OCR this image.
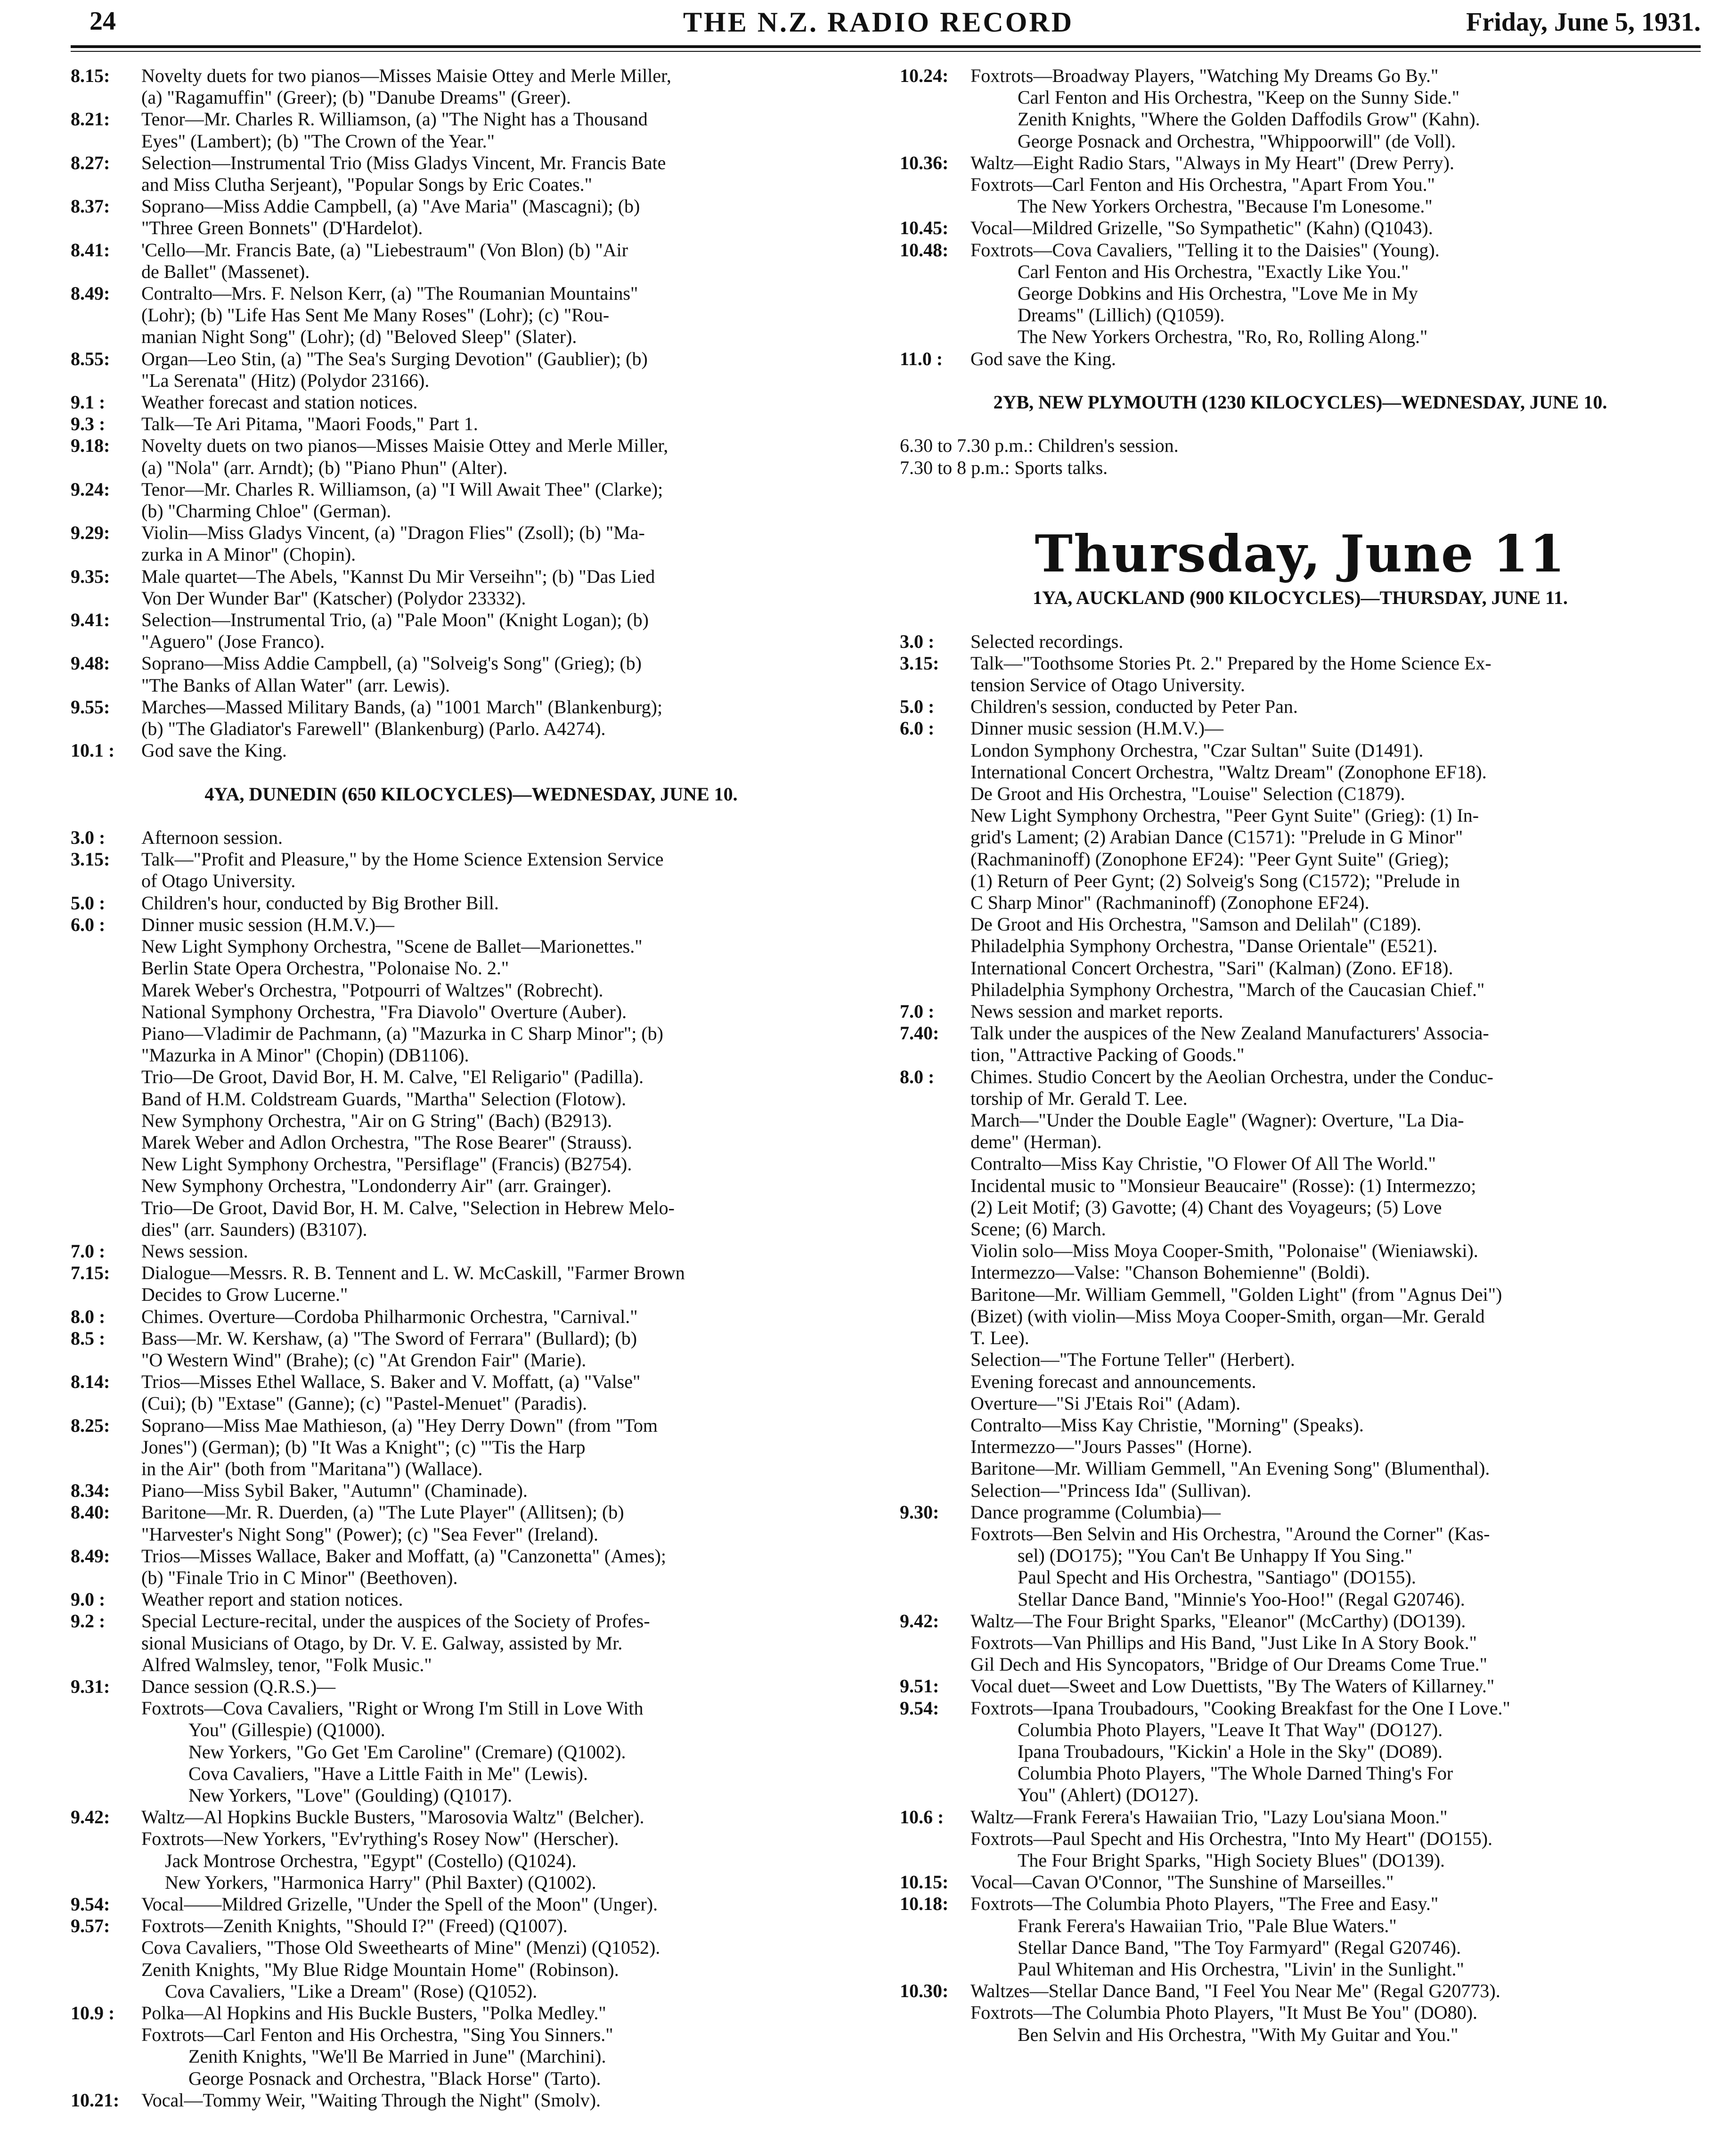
24	THE N.Z. RADIO RECORD	Friday, June 5, 1931.
8.15:	Novelty duets for two pianos—Misses Maisie Ottey and Merle Miller,
(a) "Ragamuffin" (Greer); (b) "Danube Dreams" (Greer).
8.21:	Tenor—Mr. Charles R. Williamson, (a) "The Night has a Thousand
Eyes" (Lambert); (b) "The Crown of the Year."
8.27:	Selection—Instrumental Trio (Miss Gladys Vincent, Mr. Francis Bate
and Miss Clutha Serjeant), "Popular Songs by Eric Coates."
8.37:	Soprano—Miss Addie Campbell, (a) "Ave Maria" (Mascagni); (b)
"Three Green Bonnets" (D'Hardelot).
8.41:	'Cello—Mr. Francis Bate, (a) "Liebestraum" (Von Blon) (b) "Air
de Ballet" (Massenet).
8.49:	Contralto—Mrs. F. Nelson Kerr, (a) "The Roumanian Mountains"
(Lohr); (b) "Life Has Sent Me Many Roses" (Lohr); (c) "Rou-
manian Night Song" (Lohr); (d) "Beloved Sleep" (Slater).
8.55:	Organ—Leo Stin, (a) "The Sea's Surging Devotion" (Gaublier); (b)
"La Serenata" (Hitz) (Polydor 23166).
9.1 :	Weather forecast and station notices.
9.3 :	Talk—Te Ari Pitama, "Maori Foods," Part 1.
9.18:	Novelty duets on two pianos—Misses Maisie Ottey and Merle Miller,
(a) "Nola" (arr. Arndt); (b) "Piano Phun" (Alter).
9.24:	Tenor—Mr. Charles R. Williamson, (a) "I Will Await Thee" (Clarke);
(b) "Charming Chloe" (German).
9.29:	Violin—Miss Gladys Vincent, (a) "Dragon Flies" (Zsoll); (b) "Ma-
zurka in A Minor" (Chopin).
9.35:	Male quartet—The Abels, "Kannst Du Mir Verseihn"; (b) "Das Lied
Von Der Wunder Bar" (Katscher) (Polydor 23332).
9.41:	Selection—Instrumental Trio, (a) "Pale Moon" (Knight Logan); (b)
"Aguero" (Jose Franco).
9.48:	Soprano—Miss Addie Campbell, (a) "Solveig's Song" (Grieg); (b)
"The Banks of Allan Water" (arr. Lewis).
9.55:	Marches—Massed Military Bands, (a) "1001 March" (Blankenburg);
(b) "The Gladiator's Farewell" (Blankenburg) (Parlo. A4274).
10.1 :	God save the King.
4YA, DUNEDIN (650 KILOCYCLES)—WEDNESDAY, JUNE 10.
3.0 :	Afternoon session.
3.15:	Talk—"Profit and Pleasure," by the Home Science Extension Service
of Otago University.
5.0 :	Children's hour, conducted by Big Brother Bill.
6.0 :	Dinner music session (H.M.V.)—
New Light Symphony Orchestra, "Scene de Ballet—Marionettes."
Berlin State Opera Orchestra, "Polonaise No. 2."
Marek Weber's Orchestra, "Potpourri of Waltzes" (Robrecht).
National Symphony Orchestra, "Fra Diavolo" Overture (Auber).
Piano—Vladimir de Pachmann, (a) "Mazurka in C Sharp Minor"; (b)
"Mazurka in A Minor" (Chopin) (DB1106).
Trio—De Groot, David Bor, H. M. Calve, "El Religario" (Padilla).
Band of H.M. Coldstream Guards, "Martha" Selection (Flotow).
New Symphony Orchestra, "Air on G String" (Bach) (B2913).
Marek Weber and Adlon Orchestra, "The Rose Bearer" (Strauss).
New Light Symphony Orchestra, "Persiflage" (Francis) (B2754).
New Symphony Orchestra, "Londonderry Air" (arr. Grainger).
Trio—De Groot, David Bor, H. M. Calve, "Selection in Hebrew Melo-
dies" (arr. Saunders) (B3107).
7.0 :	News session.
7.15:	Dialogue—Messrs. R. B. Tennent and L. W. McCaskill, "Farmer Brown
Decides to Grow Lucerne."
8.0 :	Chimes. Overture—Cordoba Philharmonic Orchestra, "Carnival."
8.5 :	Bass—Mr. W. Kershaw, (a) "The Sword of Ferrara" (Bullard); (b)
"O Western Wind" (Brahe); (c) "At Grendon Fair" (Marie).
8.14:	Trios—Misses Ethel Wallace, S. Baker and V. Moffatt, (a) "Valse"
(Cui); (b) "Extase" (Ganne); (c) "Pastel-Menuet" (Paradis).
8.25:	Soprano—Miss Mae Mathieson, (a) "Hey Derry Down" (from "Tom
Jones") (German); (b) "It Was a Knight"; (c) "'Tis the Harp
in the Air" (both from "Maritana") (Wallace).
8.34:	Piano—Miss Sybil Baker, "Autumn" (Chaminade).
8.40:	Baritone—Mr. R. Duerden, (a) "The Lute Player" (Allitsen); (b)
"Harvester's Night Song" (Power); (c) "Sea Fever" (Ireland).
8.49:	Trios—Misses Wallace, Baker and Moffatt, (a) "Canzonetta" (Ames);
(b) "Finale Trio in C Minor" (Beethoven).
9.0 :	Weather report and station notices.
9.2 :	Special Lecture-recital, under the auspices of the Society of Profes-
sional Musicians of Otago, by Dr. V. E. Galway, assisted by Mr.
Alfred Walmsley, tenor, "Folk Music."
9.31:	Dance session (Q.R.S.)—
Foxtrots—Cova Cavaliers, "Right or Wrong I'm Still in Love With
You" (Gillespie) (Q1000).
New Yorkers, "Go Get 'Em Caroline" (Cremare) (Q1002).
Cova Cavaliers, "Have a Little Faith in Me" (Lewis).
New Yorkers, "Love" (Goulding) (Q1017).
9.42:	Waltz—Al Hopkins Buckle Busters, "Marosovia Waltz" (Belcher).
Foxtrots—New Yorkers, "Ev'rything's Rosey Now" (Herscher).
Jack Montrose Orchestra, "Egypt" (Costello) (Q1024).
New Yorkers, "Harmonica Harry" (Phil Baxter) (Q1002).
9.54:	Vocal——Mildred Grizelle, "Under the Spell of the Moon" (Unger).
9.57:	Foxtrots—Zenith Knights, "Should I?" (Freed) (Q1007).
Cova Cavaliers, "Those Old Sweethearts of Mine" (Menzi) (Q1052).
Zenith Knights, "My Blue Ridge Mountain Home" (Robinson).
Cova Cavaliers, "Like a Dream" (Rose) (Q1052).
10.9 :	Polka—Al Hopkins and His Buckle Busters, "Polka Medley."
Foxtrots—Carl Fenton and His Orchestra, "Sing You Sinners."
Zenith Knights, "We'll Be Married in June" (Marchini).
George Posnack and Orchestra, "Black Horse" (Tarto).
10.21:	Vocal—Tommy Weir, "Waiting Through the Night" (Smolv).
10.24:	Foxtrots—Broadway Players, "Watching My Dreams Go By."
Carl Fenton and His Orchestra, "Keep on the Sunny Side."
Zenith Knights, "Where the Golden Daffodils Grow" (Kahn).
George Posnack and Orchestra, "Whippoorwill" (de Voll).
10.36:	Waltz—Eight Radio Stars, "Always in My Heart" (Drew Perry).
Foxtrots—Carl Fenton and His Orchestra, "Apart From You."
The New Yorkers Orchestra, "Because I'm Lonesome."
10.45:	Vocal—Mildred Grizelle, "So Sympathetic" (Kahn) (Q1043).
10.48:	Foxtrots—Cova Cavaliers, "Telling it to the Daisies" (Young).
Carl Fenton and His Orchestra, "Exactly Like You."
George Dobkins and His Orchestra, "Love Me in My
Dreams" (Lillich) (Q1059).
The New Yorkers Orchestra, "Ro, Ro, Rolling Along."
11.0 :	God save the King.
2YB, NEW PLYMOUTH (1230 KILOCYCLES)—WEDNESDAY, JUNE 10.
6.30 to 7.30 p.m.: Children's session.
7.30 to 8 p.m.: Sports talks.
Thursday, June 11
1YA, AUCKLAND (900 KILOCYCLES)—THURSDAY, JUNE 11.
3.0 :	Selected recordings.
3.15:	Talk—"Toothsome Stories Pt. 2." Prepared by the Home Science Ex-
tension Service of Otago University.
5.0 :	Children's session, conducted by Peter Pan.
6.0 :	Dinner music session (H.M.V.)—
London Symphony Orchestra, "Czar Sultan" Suite (D1491).
International Concert Orchestra, "Waltz Dream" (Zonophone EF18).
De Groot and His Orchestra, "Louise" Selection (C1879).
New Light Symphony Orchestra, "Peer Gynt Suite" (Grieg): (1) In-
grid's Lament; (2) Arabian Dance (C1571): "Prelude in G Minor"
(Rachmaninoff) (Zonophone EF24): "Peer Gynt Suite" (Grieg);
(1) Return of Peer Gynt; (2) Solveig's Song (C1572); "Prelude in
C Sharp Minor" (Rachmaninoff) (Zonophone EF24).
De Groot and His Orchestra, "Samson and Delilah" (C189).
Philadelphia Symphony Orchestra, "Danse Orientale" (E521).
International Concert Orchestra, "Sari" (Kalman) (Zono. EF18).
Philadelphia Symphony Orchestra, "March of the Caucasian Chief."
7.0 :	News session and market reports.
7.40:	Talk under the auspices of the New Zealand Manufacturers' Associa-
tion, "Attractive Packing of Goods."
8.0 :	Chimes. Studio Concert by the Aeolian Orchestra, under the Conduc-
torship of Mr. Gerald T. Lee.
March—"Under the Double Eagle" (Wagner): Overture, "La Dia-
deme" (Herman).
Contralto—Miss Kay Christie, "O Flower Of All The World."
Incidental music to "Monsieur Beaucaire" (Rosse): (1) Intermezzo;
(2) Leit Motif; (3) Gavotte; (4) Chant des Voyageurs; (5) Love
Scene; (6) March.
Violin solo—Miss Moya Cooper-Smith, "Polonaise" (Wieniawski).
Intermezzo—Valse: "Chanson Bohemienne" (Boldi).
Baritone—Mr. William Gemmell, "Golden Light" (from "Agnus Dei")
(Bizet) (with violin—Miss Moya Cooper-Smith, organ—Mr. Gerald
T. Lee).
Selection—"The Fortune Teller" (Herbert).
Evening forecast and announcements.
Overture—"Si J'Etais Roi" (Adam).
Contralto—Miss Kay Christie, "Morning" (Speaks).
Intermezzo—"Jours Passes" (Horne).
Baritone—Mr. William Gemmell, "An Evening Song" (Blumenthal).
Selection—"Princess Ida" (Sullivan).
9.30:	Dance programme (Columbia)—
Foxtrots—Ben Selvin and His Orchestra, "Around the Corner" (Kas-
sel) (DO175); "You Can't Be Unhappy If You Sing."
Paul Specht and His Orchestra, "Santiago" (DO155).
Stellar Dance Band, "Minnie's Yoo-Hoo!" (Regal G20746).
9.42:	Waltz—The Four Bright Sparks, "Eleanor" (McCarthy) (DO139).
Foxtrots—Van Phillips and His Band, "Just Like In A Story Book."
Gil Dech and His Syncopators, "Bridge of Our Dreams Come True."
9.51:	Vocal duet—Sweet and Low Duettists, "By The Waters of Killarney."
9.54:	Foxtrots—Ipana Troubadours, "Cooking Breakfast for the One I Love."
Columbia Photo Players, "Leave It That Way" (DO127).
Ipana Troubadours, "Kickin' a Hole in the Sky" (DO89).
Columbia Photo Players, "The Whole Darned Thing's For
You" (Ahlert) (DO127).
10.6 :	Waltz—Frank Ferera's Hawaiian Trio, "Lazy Lou'siana Moon."
Foxtrots—Paul Specht and His Orchestra, "Into My Heart" (DO155).
The Four Bright Sparks, "High Society Blues" (DO139).
10.15:	Vocal—Cavan O'Connor, "The Sunshine of Marseilles."
10.18:	Foxtrots—The Columbia Photo Players, "The Free and Easy."
Frank Ferera's Hawaiian Trio, "Pale Blue Waters."
Stellar Dance Band, "The Toy Farmyard" (Regal G20746).
Paul Whiteman and His Orchestra, "Livin' in the Sunlight."
10.30:	Waltzes—Stellar Dance Band, "I Feel You Near Me" (Regal G20773).
Foxtrots—The Columbia Photo Players, "It Must Be You" (DO80).
Ben Selvin and His Orchestra, "With My Guitar and You."
